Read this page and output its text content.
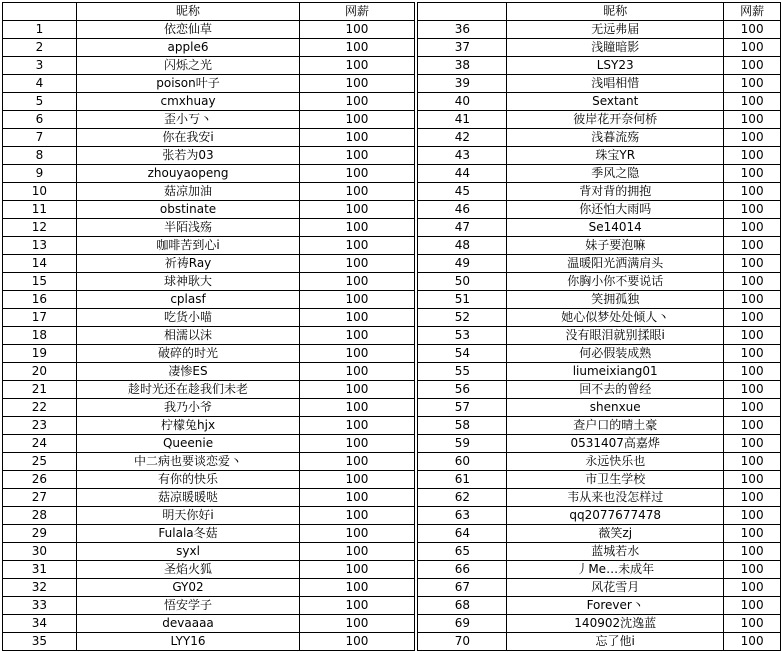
	昵称	网薪			昵称	网薪
1	依恋仙草	100		36	无远弗届	100
2	apple6	100		37	浅瞳暗影	100
3	闪烁之光	100		38	LSY23	100
4	poison叶子	100		39	浅唱相惜	100
5	cmxhuay	100		40	Sextant	100
6	歪小丂丶	100		41	彼岸花开奈何桥	100
7	你在我安i	100		42	浅暮流殇	100
8	张若为03	100		43	珠宝YR	100
9	zhouyaopeng	100		44	季风之隐	100
10	菇凉加油	100		45	背对背的拥抱	100
11	obstinate	100		46	你还怕大雨吗	100
12	半陌浅殇	100		47	Se14014	100
13	咖啡苦到心i	100		48	妹子要泡嘛	100
14	祈祷Ray	100		49	温暖阳光洒满肩头	100
15	球神耿大	100		50	你胸小你不要说话	100
16	cplasf	100		51	笑拥孤独	100
17	吃货小喵	100		52	她心似梦处处倾人丶	100
18	相濡以沫	100		53	没有眼泪就别揉眼i	100
19	破碎的时光	100		54	何必假装成熟	100
20	凄惨ES	100		55	liumeixiang01	100
21	趁时光还在趁我们未老	100		56	回不去的曾经	100
22	我乃小爷	100		57	shenxue	100
23	柠檬兔hjx	100		58	查户口的晴土豪	100
24	Queenie	100		59	0531407高嘉烨	100
25	中二病也要谈恋爱丶	100		60	永远快乐也	100
26	有你的快乐	100		61	市卫生学校	100
27	菇凉暖暖哒	100		62	韦从来也没怎样过	100
28	明天你好i	100		63	qq2077677478	100
29	Fulala冬菇	100		64	薇笑zj	100
30	syxl	100		65	蓝城若水	100
31	圣焰火狐	100		66	丿Me…未成年	100
32	GY02	100		67	风花雪月	100
33	悟安学子	100		68	Forever丶	100
34	devaaaa	100		69	140902沈逸蓝	100
35	LYY16	100		70	忘了他i	100
